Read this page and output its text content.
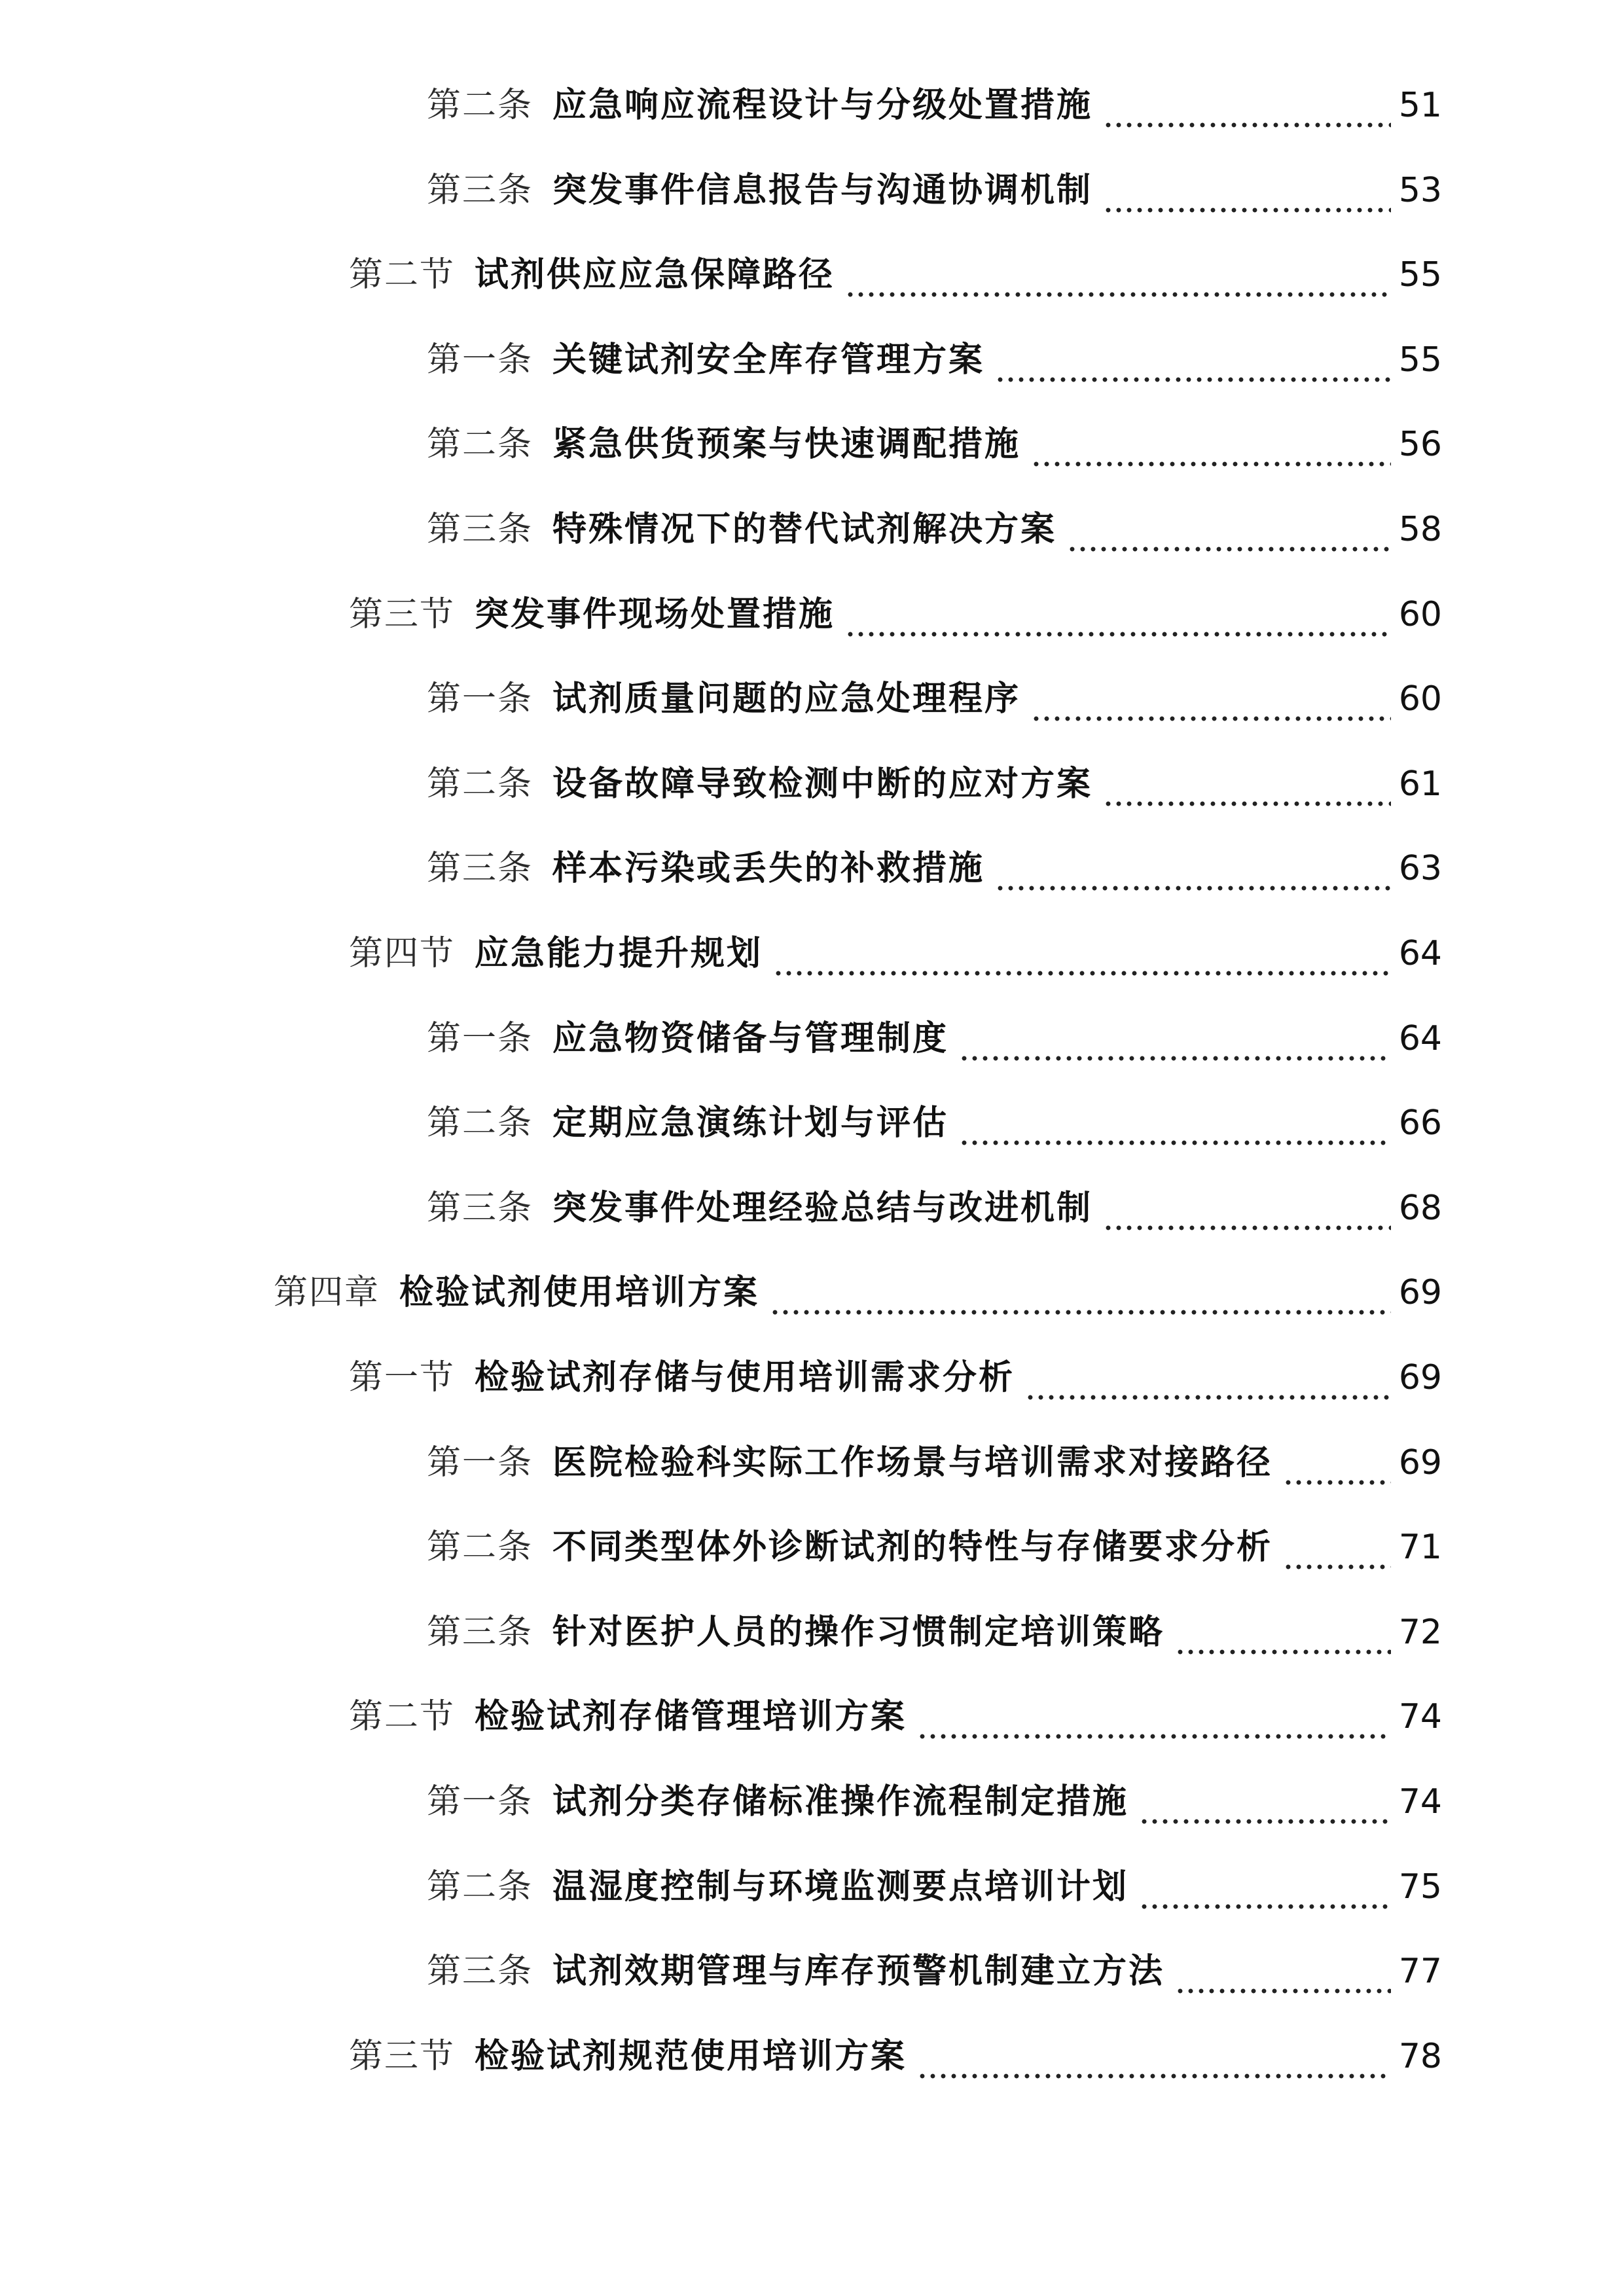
第二条 应急响应流程设计与分级处置措施	51
第三条 突发事件信息报告与沟通协调机制	53
第二节 试剂供应应急保障路径	55
第一条 关键试剂安全库存管理方案	55
第二条 紧急供货预案与快速调配措施	56
第三条 特殊情况下的替代试剂解决方案	58
第三节 突发事件现场处置措施	60
第一条 试剂质量问题的应急处理程序	60
第二条 设备故障导致检测中断的应对方案	61
第三条 样本污染或丢失的补救措施	63
第四节 应急能力提升规划	64
第一条 应急物资储备与管理制度	64
第二条 定期应急演练计划与评估	66
第三条 突发事件处理经验总结与改进机制	68
第四章 检验试剂使用培训方案	69
第一节 检验试剂存储与使用培训需求分析	69
第一条 医院检验科实际工作场景与培训需求对接路径	69
第二条 不同类型体外诊断试剂的特性与存储要求分析	71
第三条 针对医护人员的操作习惯制定培训策略	72
第二节 检验试剂存储管理培训方案	74
第一条 试剂分类存储标准操作流程制定措施	74
第二条 温湿度控制与环境监测要点培训计划	75
第三条 试剂效期管理与库存预警机制建立方法	77
第三节 检验试剂规范使用培训方案	78
